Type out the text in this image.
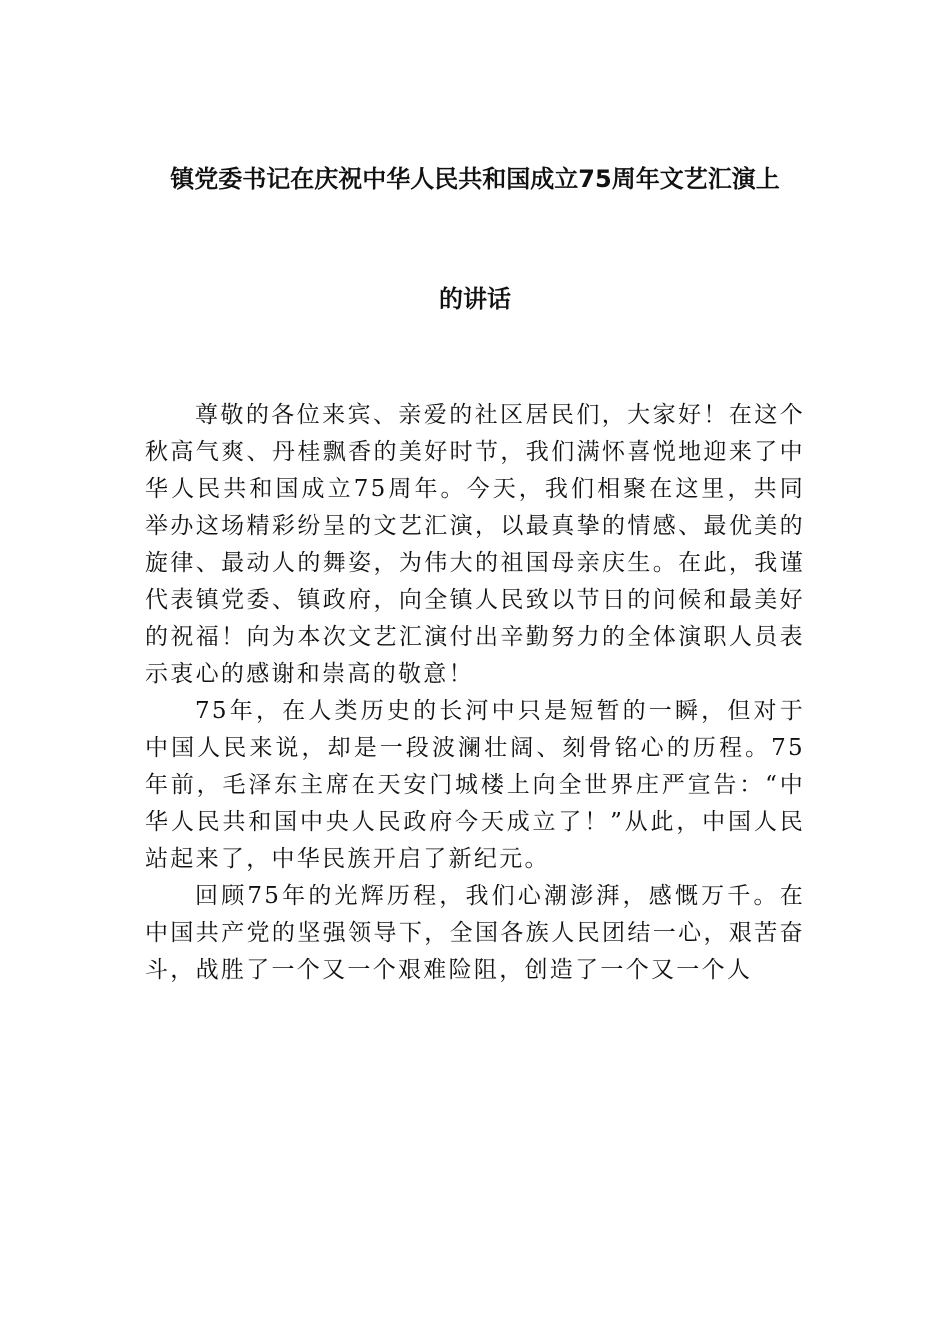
镇党委书记在庆祝中华人民共和国成立75周年文艺汇演上
的讲话

尊敬的各位来宾、亲爱的社区居民们，大家好！在这个秋高气爽、丹桂飘香的美好时节，我们满怀喜悦地迎来了中华人民共和国成立75周年。今天，我们相聚在这里，共同举办这场精彩纷呈的文艺汇演，以最真挚的情感、最优美的旋律、最动人的舞姿，为伟大的祖国母亲庆生。在此，我谨代表镇党委、镇政府，向全镇人民致以节日的问候和最美好的祝福！向为本次文艺汇演付出辛勤努力的全体演职人员表示衷心的感谢和崇高的敬意！

75年，在人类历史的长河中只是短暂的一瞬，但对于中国人民来说，却是一段波澜壮阔、刻骨铭心的历程。75年前，毛泽东主席在天安门城楼上向全世界庄严宣告：“中华人民共和国中央人民政府今天成立了！”从此，中国人民站起来了，中华民族开启了新纪元。

回顾75年的光辉历程，我们心潮澎湃，感慨万千。在中国共产党的坚强领导下，全国各族人民团结一心，艰苦奋斗，战胜了一个又一个艰难险阻，创造了一个又一个人
